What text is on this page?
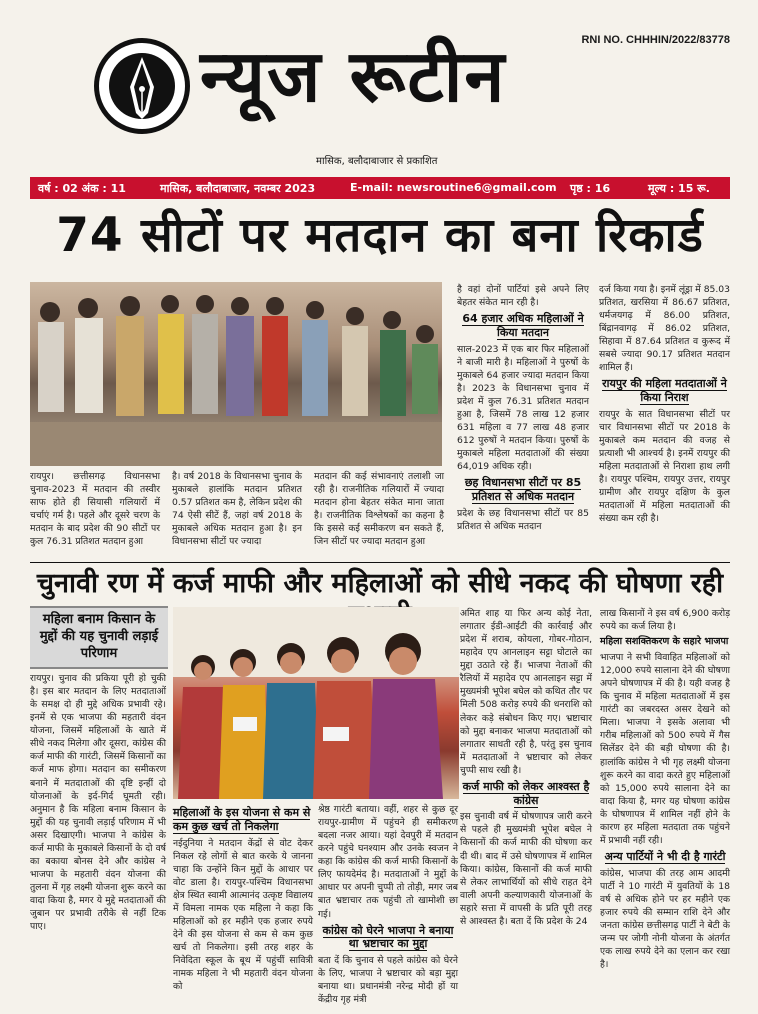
न्यूज रूटीन	RNI NO. CHHHIN/2022/83778
मासिक, बलौदाबाजार से प्रकाशित
वर्ष : 02 अंक : 11	मासिक, बलौदाबाजार, नवम्बर 2023	E-mail: newsroutine6@gmail.com पृष्ठ : 16	मूल्य : 15 रू.
74 सीटों पर मतदान का बना रिकार्ड
रायपुर। छत्तीसगढ़ विधानसभा चुनाव-2023 में मतदान की तस्वीर साफ होते ही सियासी गलियारों में चर्चाएं गर्म है। पहले और दूसरे चरण के मतदान के बाद प्रदेश की 90 सीटों पर कुल 76.31 प्रतिशत मतदान हुआ
है। वर्ष 2018 के विधानसभा चुनाव के मुकाबले हालांकि मतदान प्रतिशत 0.57 प्रतिशत कम है, लेकिन प्रदेश की 74 ऐसी सीटें हैं, जहां वर्ष 2018 के मुकाबले अधिक मतदान हुआ है। इन विधानसभा सीटों पर ज्यादा
मतदान की कई संभावनाएं तलाशी जा रही है। राजनीतिक गलियारों में ज्यादा मतदान होना बेहतर संकेत माना जाता है। राजनीतिक विश्लेषकों का कहना है कि इससे कई समीकरण बन सकते हैं, जिन सीटों पर ज्यादा मतदान हुआ

है वहां दोनों पार्टियां इसे अपने लिए बेहतर संकेत मान रही है।

64 हजार अधिक महिलाओं ने किया मतदान

साल-2023 में एक बार फिर महिलाओं ने बाजी मारी है। महिलाओं ने पुरुषों के मुकाबले 64 हजार ज्यादा मतदान किया है। 2023 के विधानसभा चुनाव में प्रदेश में कुल 76.31 प्रतिशत मतदान हुआ है, जिसमें 78 लाख 12 हजार 631 महिला व 77 लाख 48 हजार 612 पुरुषों ने मतदान किया। पुरुषों के मुकाबले महिला मतदाताओं की संख्या 64,019 अधिक रही।

छह विधानसभा सीटों पर 85 प्रतिशत से अधिक मतदान

प्रदेश के छह विधानसभा सीटों पर 85 प्रतिशत से अधिक मतदान

दर्ज किया गया है। इनमें लूंड्रा में 85.03 प्रतिशत, खरसिया में 86.67 प्रतिशत, धर्मजयगढ़ में 86.00 प्रतिशत, बिंद्रानवागढ़ में 86.02 प्रतिशत, सिहावा में 87.64 प्रतिशत व कुरूद में सबसे ज्यादा 90.17 प्रतिशत मतदान शामिल हैं।

रायपुर की महिला मतदाताओं ने किया निराश

रायपुर के सात विधानसभा सीटों पर चार विधानसभा सीटों पर 2018 के मुकाबले कम मतदान की वजह से प्रत्याशी भी आश्चर्य है। इनमें रायपुर की महिला मतदाताओं से निराशा हाथ लगी है। रायपुर पश्चिम, रायपुर उत्तर, रायपुर ग्रामीण और रायपुर दक्षिण के कुल मतदाताओं में महिला मतदाताओं की संख्या कम रही है।

चुनावी रण में कर्ज माफी और महिलाओं को सीधे नकद की घोषणा रही
महिला बनाम किसान के मुद्दों की यह चुनावी लड़ाई परिणाम
रायपुर। चुनाव की प्रकिया पूरी हो चुकी है। इस बार मतदान के लिए मतदाताओं के समक्ष दो ही मुद्दे अधिक प्रभावी रहे। इनमें से एक भाजपा की महतारी वंदन योजना, जिसमें महिलाओं के खाते में सीधे नकद मिलेगा और दूसरा, कांग्रेस की कर्ज माफी की गारंटी, जिसमें किसानों का कर्ज माफ होगा। मतदान का समीकरण बनाने में मतदाताओं की दृष्टि इन्हीं दो योजनाओं के इर्द-गिर्द घूमती रही। अनुमान है कि महिला बनाम किसान के मुद्दों की यह चुनावी लड़ाई परिणाम में भी असर दिखाएगी। भाजपा ने कांग्रेस के कर्ज माफी के मुकाबले किसानों के दो वर्ष का बकाया बोनस देने और कांग्रेस ने भाजपा के महतारी वंदन योजना की तुलना में गृह लक्ष्मी योजना शुरू करने का वादा किया है, मगर ये मुद्दे मतदाताओं की जुबान पर प्रभावी तरीके से नहीं टिक पाए।
महिलाओं के इस योजना से कम से कम कुछ खर्च तो निकलेगा

नईदुनिया ने मतदान केंद्रों से वोट देकर निकल रहे लोगों से बात करके ये जानना चाहा कि उन्होंने किन मुद्दों के आधार पर वोट डाला है। रायपुर-पश्चिम विधानसभा क्षेत्र स्थित स्वामी आत्मानंद उत्कृष्ट विद्यालय में विमला नामक एक महिला ने कहा कि महिलाओं को हर महीने एक हजार रुपये देने की इस योजना से कम से कम कुछ खर्च तो निकलेगा। इसी तरह शहर के निवेदिता स्कूल के बूथ में पहुंचीं सावित्री नामक महिला ने भी महतारी वंदन योजना को

श्रेष्ठ गारंटी बताया। वहीं, शहर से कुछ दूर रायपुर-ग्रामीण में पहुंचने ही समीकरण बदला नजर आया। यहां देवपुरी में मतदान करने पहुंचे घनश्याम और उनके स्वजन ने कहा कि कांग्रेस की कर्ज माफी किसानों के लिए फायदेमंद है। मतदाताओं ने मुद्दों के आधार पर अपनी चुप्पी तो तोड़ी, मगर जब बात भ्रष्टाचार तक पहुंची तो खामोशी छा गई।

कांग्रेस को घेरने भाजपा ने बनाया था भ्रष्टाचार का मुद्दा

बता दें कि चुनाव से पहले कांग्रेस को घेरने के लिए, भाजपा ने भ्रष्टाचार को बड़ा मुद्दा बनाया था। प्रधानमंत्री नरेन्द्र मोदी हों या केंद्रीय गृह मंत्री

अमित शाह या फिर अन्य कोई नेता, लगातार ईडी-आईटी की कार्रवाई और प्रदेश में शराब, कोयला, गोबर-गोठान, महादेव एप आनलाइन सट्टा घोटाले का मुद्दा उठाते रहे हैं। भाजपा नेताओं की रैलियों में महादेव एप आनलाइन सट्टा में मुख्यमंत्री भूपेश बघेल को कथित तौर पर मिली 508 करोड़ रुपये की धनराशि को लेकर कड़े संबोधन किए गए। भ्रष्टाचार को मुद्दा बनाकर भाजपा मतदाताओं को लगातार साधती रही है, परंतु इस चुनाव में मतदाताओं ने भ्रष्टाचार को लेकर चुप्पी साध रखी है।

कर्ज माफी को लेकर आश्वस्त है कांग्रेस

इस चुनावी वर्ष में घोषणापत्र जारी करने से पहले ही मुख्यमंत्री भूपेश बघेल ने किसानों की कर्ज माफी की घोषणा कर दी थी। बाद में उसे घोषणापत्र में शामिल किया। कांग्रेस, किसानों की कर्ज माफी से लेकर लाभार्थियों को सीधे राहत देने वाली अपनी कल्याणकारी योजनाओं के सहारे सत्ता में वापसी के प्रति पूरी तरह से आश्वस्त है। बता दें कि प्रदेश के 24

लाख किसानों ने इस वर्ष 6,900 करोड़ रुपये का कर्ज लिया है।

महिला सशक्तिकरण के सहारे भाजपा

भाजपा ने सभी विवाहित महिलाओं को 12,000 रुपये सालाना देने की घोषणा अपने घोषणापत्र में की है। यही वजह है कि चुनाव में महिला मतदाताओं में इस गारंटी का जबरदस्त असर देखने को मिला। भाजपा ने इसके अलावा भी गरीब महिलाओं को 500 रुपये में गैस सिलेंडर देने की बड़ी घोषणा की है। हालांकि कांग्रेस ने भी गृह लक्ष्मी योजना शुरू करने का वादा करते हुए महिलाओं को 15,000 रुपये सालाना देने का वादा किया है, मगर यह घोषणा कांग्रेस के घोषणापत्र में शामिल नहीं होने के कारण हर महिला मतदाता तक पहुंचने में प्रभावी नहीं रही।

अन्य पार्टियों ने भी दी है गारंटी

कांग्रेस, भाजपा की तरह आम आदमी पार्टी ने 10 गारंटी में युवतियों के 18 वर्ष से अधिक होने पर हर महीने एक हजार रुपये की सम्मान राशि देने और जनता कांग्रेस छत्तीसगढ़ पार्टी ने बेटी के जन्म पर जोगी नोनी योजना के अंतर्गत एक लाख रुपये देने का एलान कर रखा है।
